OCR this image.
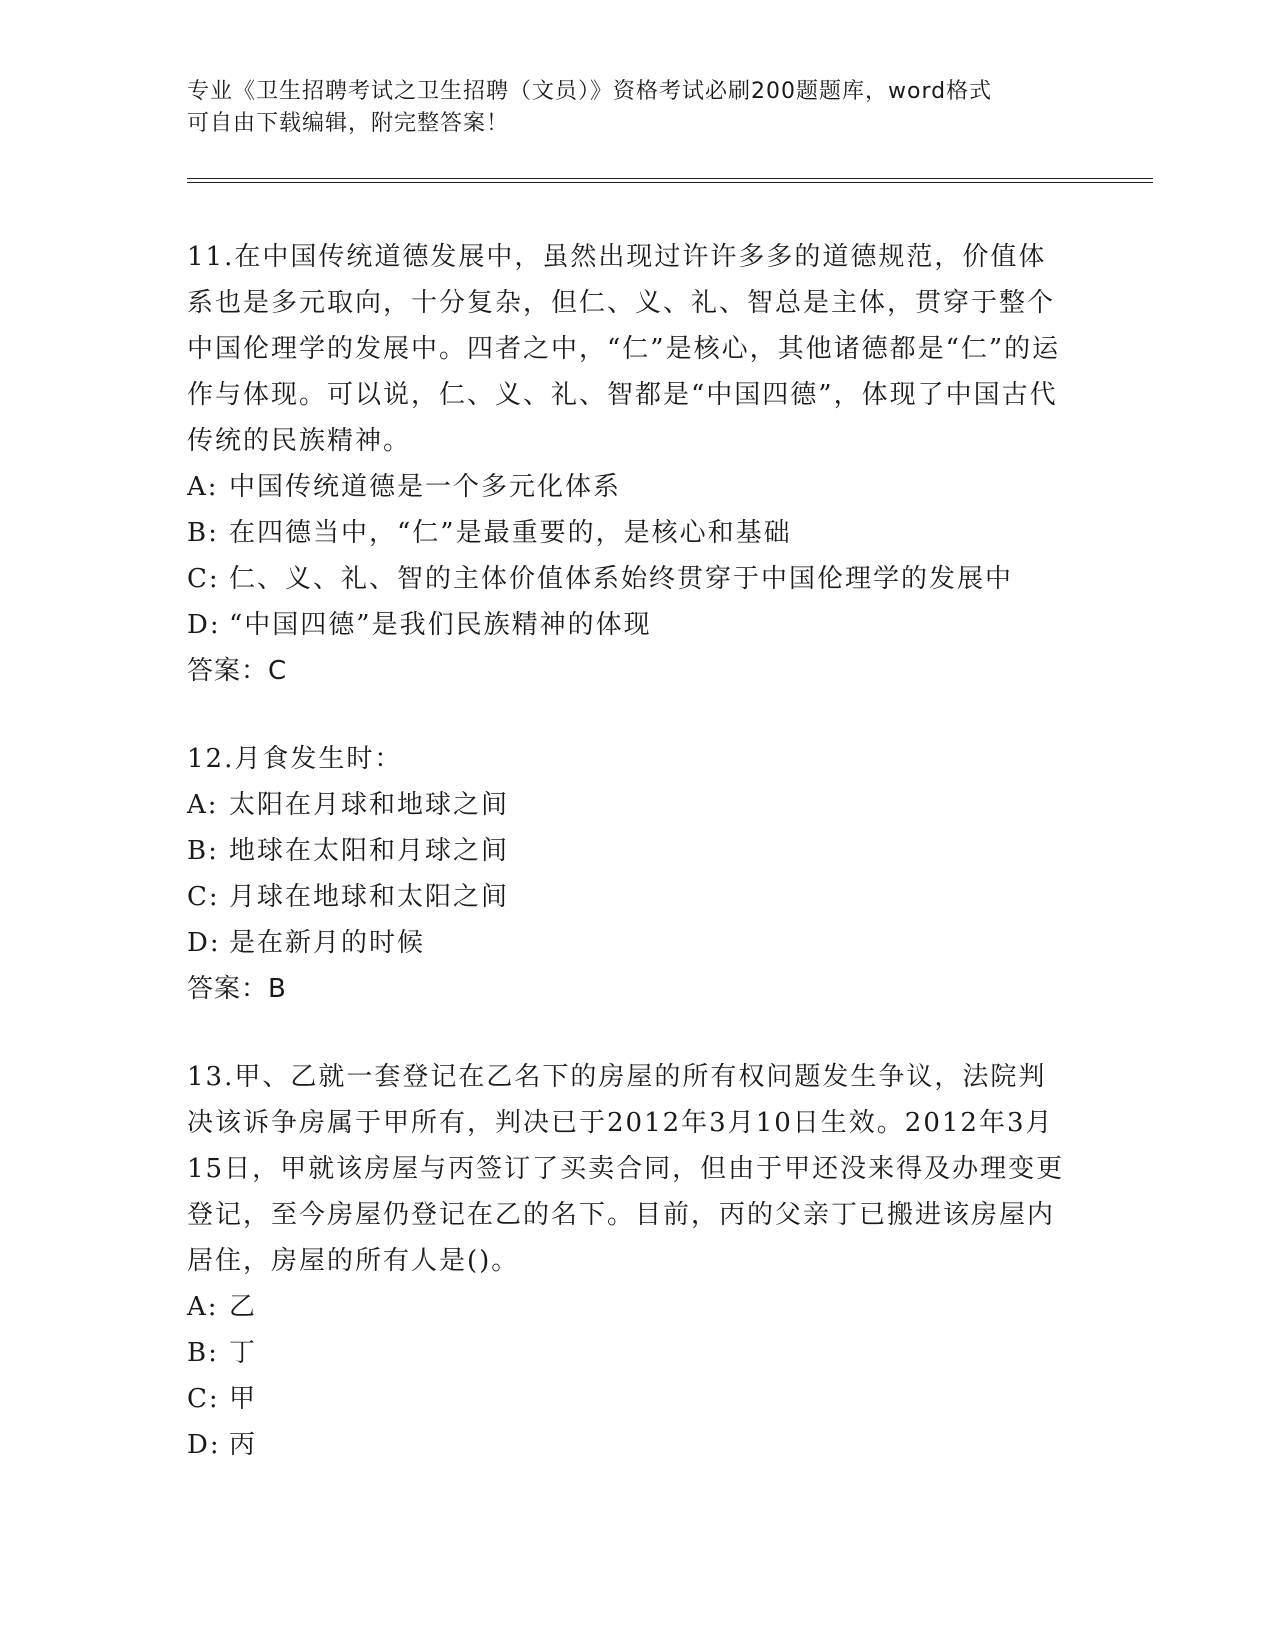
专业《卫生招聘考试之卫生招聘（文员）》资格考试必刷200题题库，word格式
可自由下载编辑，附完整答案！

11.在中国传统道德发展中，虽然出现过许许多多的道德规范，价值体系也是多元取向，十分复杂，但仁、义、礼、智总是主体，贯穿于整个中国伦理学的发展中。四者之中，“仁”是核心，其他诸德都是“仁”的运作与体现。可以说，仁、义、礼、智都是“中国四德”，体现了中国古代传统的民族精神。

A: 中国传统道德是一个多元化体系

B: 在四德当中，“仁”是最重要的，是核心和基础

C: 仁、义、礼、智的主体价值体系始终贯穿于中国伦理学的发展中

D: “中国四德”是我们民族精神的体现

答案：C

12.月食发生时：

A: 太阳在月球和地球之间

B: 地球在太阳和月球之间

C: 月球在地球和太阳之间

D: 是在新月的时候

答案：B

13.甲、乙就一套登记在乙名下的房屋的所有权问题发生争议，法院判决该诉争房属于甲所有，判决已于2012年3月10日生效。2012年3月15日，甲就该房屋与丙签订了买卖合同，但由于甲还没来得及办理变更登记，至今房屋仍登记在乙的名下。目前，丙的父亲丁已搬进该房屋内居住，房屋的所有人是()。

A: 乙

B: 丁

C: 甲

D: 丙
